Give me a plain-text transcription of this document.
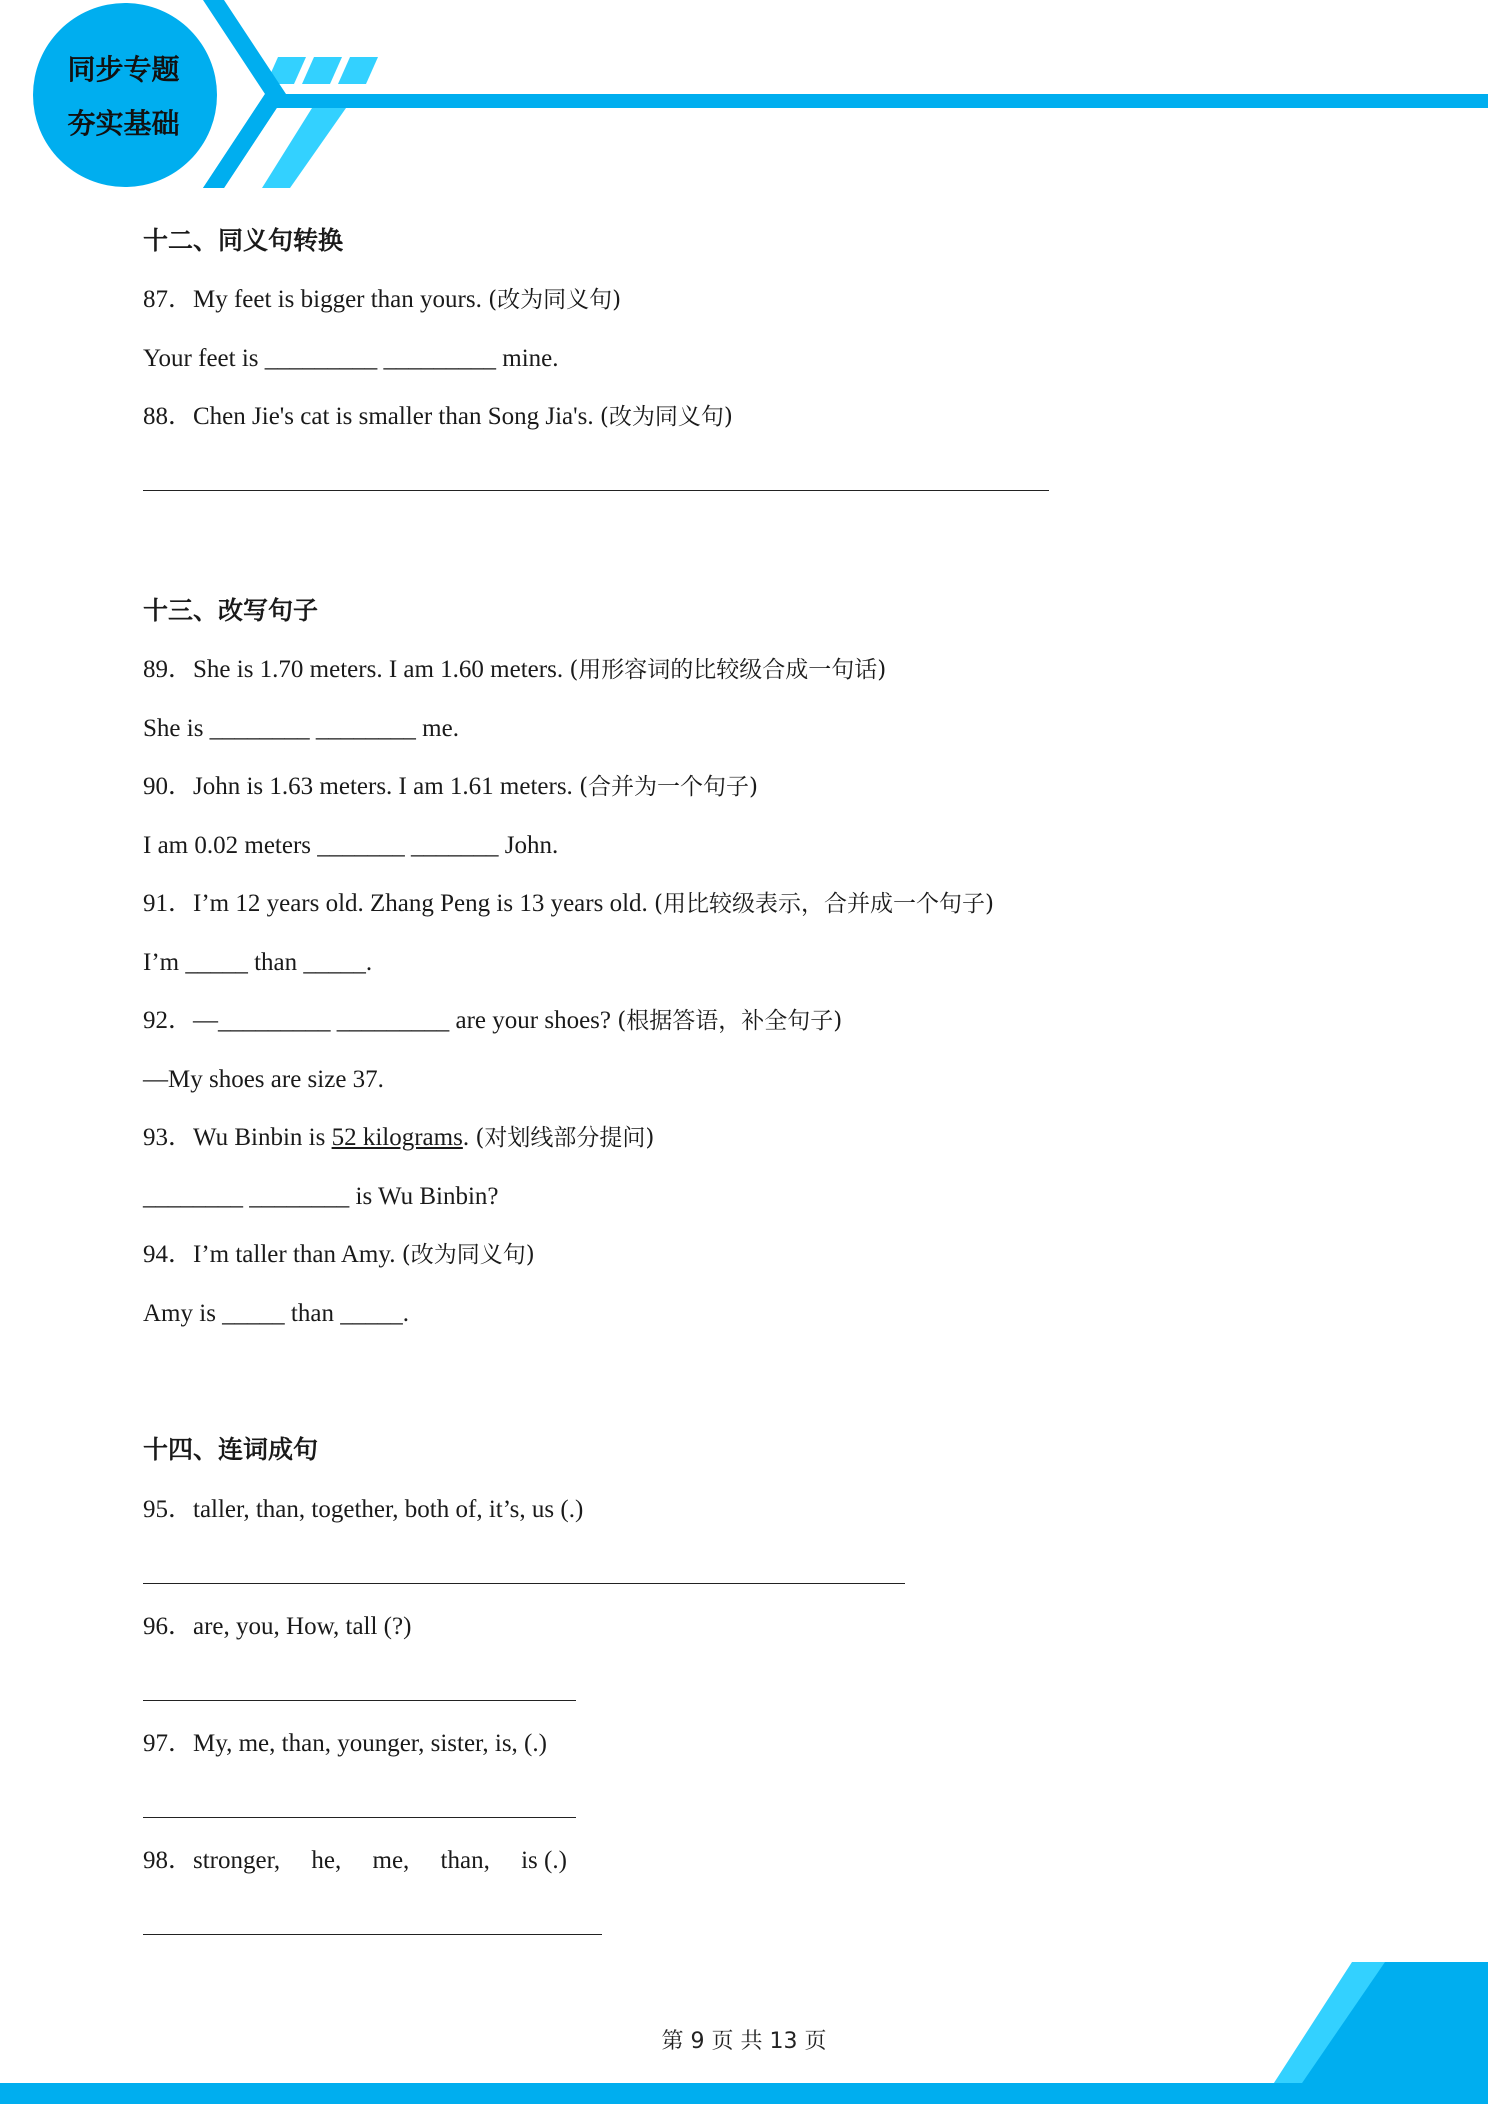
同步专题
夯实基础
十二、同义句转换
87．My feet is bigger than yours. (改为同义句)
Your feet is _________ _________ mine.
88．Chen Jie's cat is smaller than Song Jia's. (改为同义句)
十三、改写句子
89．She is 1.70 meters. I am 1.60 meters. (用形容词的比较级合成一句话)
She is ________ ________ me.
90．John is 1.63 meters. I am 1.61 meters. (合并为一个句子)
I am 0.02 meters _______ _______ John.
91．I’m 12 years old. Zhang Peng is 13 years old. (用比较级表示，合并成一个句子)
I’m _____ than _____.
92．—_________ _________ are your shoes? (根据答语，补全句子)
—My shoes are size 37.
93．Wu Binbin is 52 kilograms. (对划线部分提问)
________ ________ is Wu Binbin?
94．I’m taller than Amy. (改为同义句)
Amy is _____ than _____.
十四、连词成句
95．taller, than, together, both of, it’s, us (.)
96．are, you, How, tall (?)
97．My, me, than, younger, sister, is, (.)
98．stronger,     he,     me,     than,     is (.)
第 9 页 共 13 页
